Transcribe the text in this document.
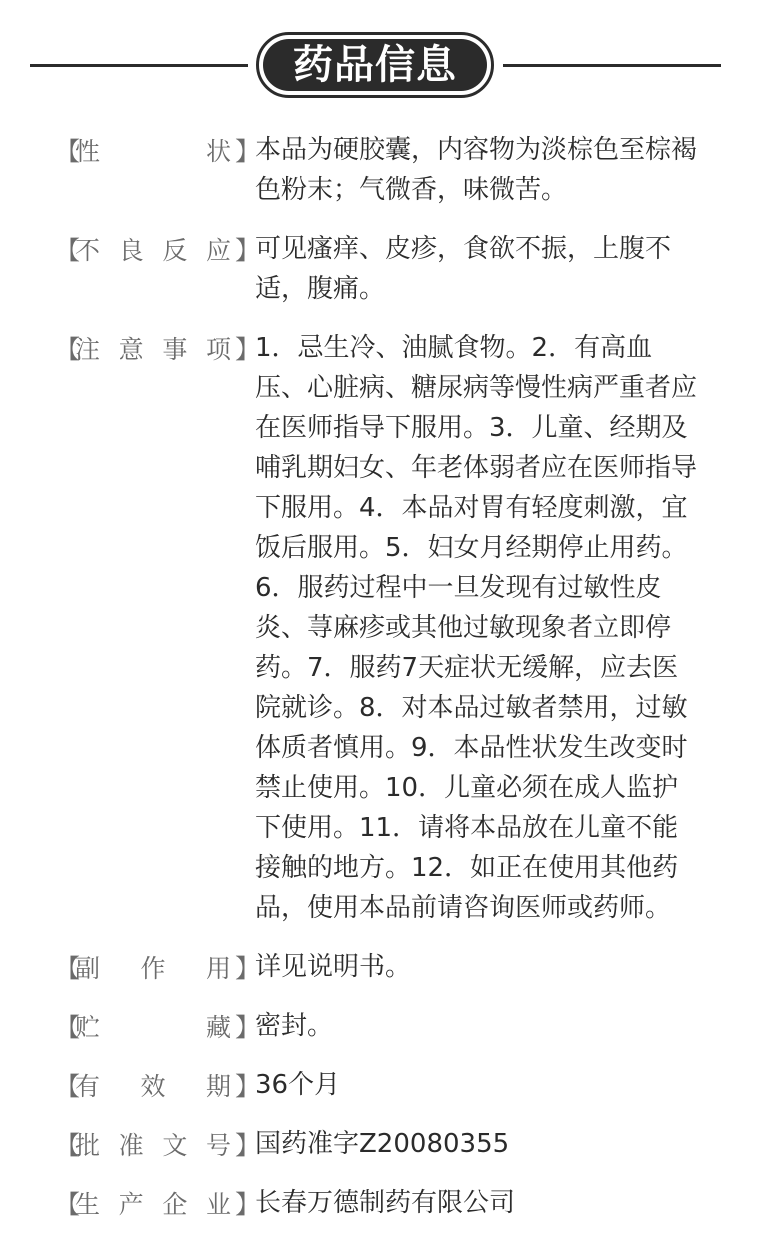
药品信息
【
性	状 】
本品为硬胶囊，内容物为淡棕色至棕褐色粉末；气微香，味微苦。
【
不 良 反 应 】
可见瘙痒、皮疹，食欲不振，上腹不适，腹痛。
【
注 意 事 项 】
1．忌生冷、油腻食物。2．有高血压、心脏病、糖尿病等慢性病严重者应在医师指导下服用。3．儿童、经期及哺乳期妇女、年老体弱者应在医师指导下服用。4．本品对胃有轻度刺激，宜饭后服用。5．妇女月经期停止用药。6．服药过程中一旦发现有过敏性皮炎、荨麻疹或其他过敏现象者立即停药。7．服药7天症状无缓解，应去医院就诊。8．对本品过敏者禁用，过敏体质者慎用。9．本品性状发生改变时禁止使用。10．儿童必须在成人监护下使用。11．请将本品放在儿童不能接触的地方。12．如正在使用其他药品，使用本品前请咨询医师或药师。
【
副 作 用 】
详见说明书。
【
贮	藏 】
密封。
【
有 效 期 】
36个月
【
批 准 文 号 】
国药准字Z20080355
【
生 产 企 业 】
长春万德制药有限公司
